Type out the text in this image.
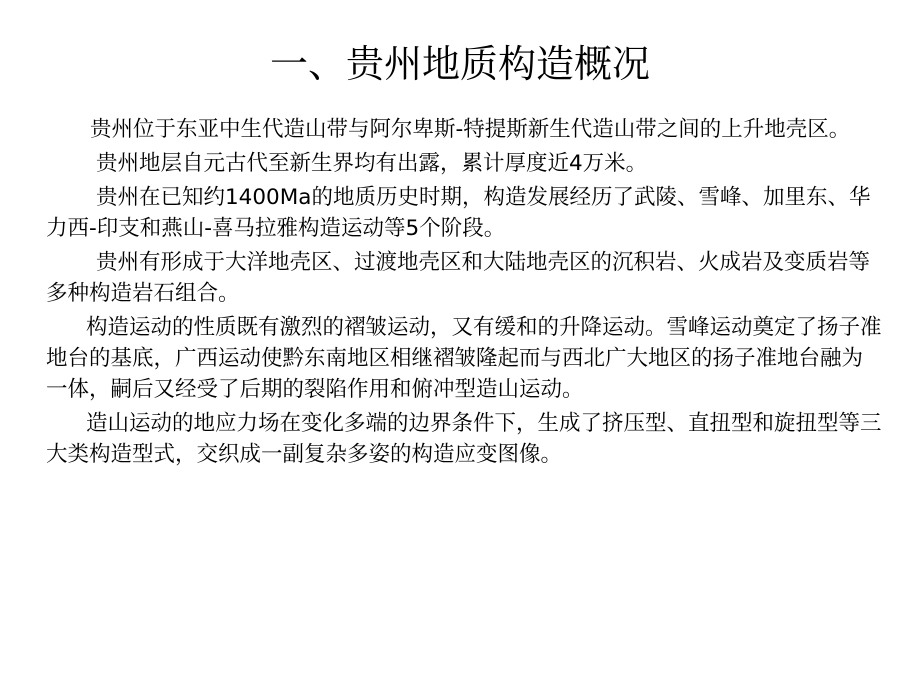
一、贵州地质构造概况

贵州位于东亚中生代造山带与阿尔卑斯-特提斯新生代造山带之间的上升地壳区。

贵州地层自元古代至新生界均有出露，累计厚度近4万米。

贵州在已知约1400Ma的地质历史时期，构造发展经历了武陵、雪峰、加里东、华力西-印支和燕山-喜马拉雅构造运动等5个阶段。

贵州有形成于大洋地壳区、过渡地壳区和大陆地壳区的沉积岩、火成岩及变质岩等多种构造岩石组合。

构造运动的性质既有激烈的褶皱运动，又有缓和的升降运动。雪峰运动奠定了扬子准地台的基底，广西运动使黔东南地区相继褶皱隆起而与西北广大地区的扬子准地台融为一体，嗣后又经受了后期的裂陷作用和俯冲型造山运动。

造山运动的地应力场在变化多端的边界条件下，生成了挤压型、直扭型和旋扭型等三大类构造型式，交织成一副复杂多姿的构造应变图像。
